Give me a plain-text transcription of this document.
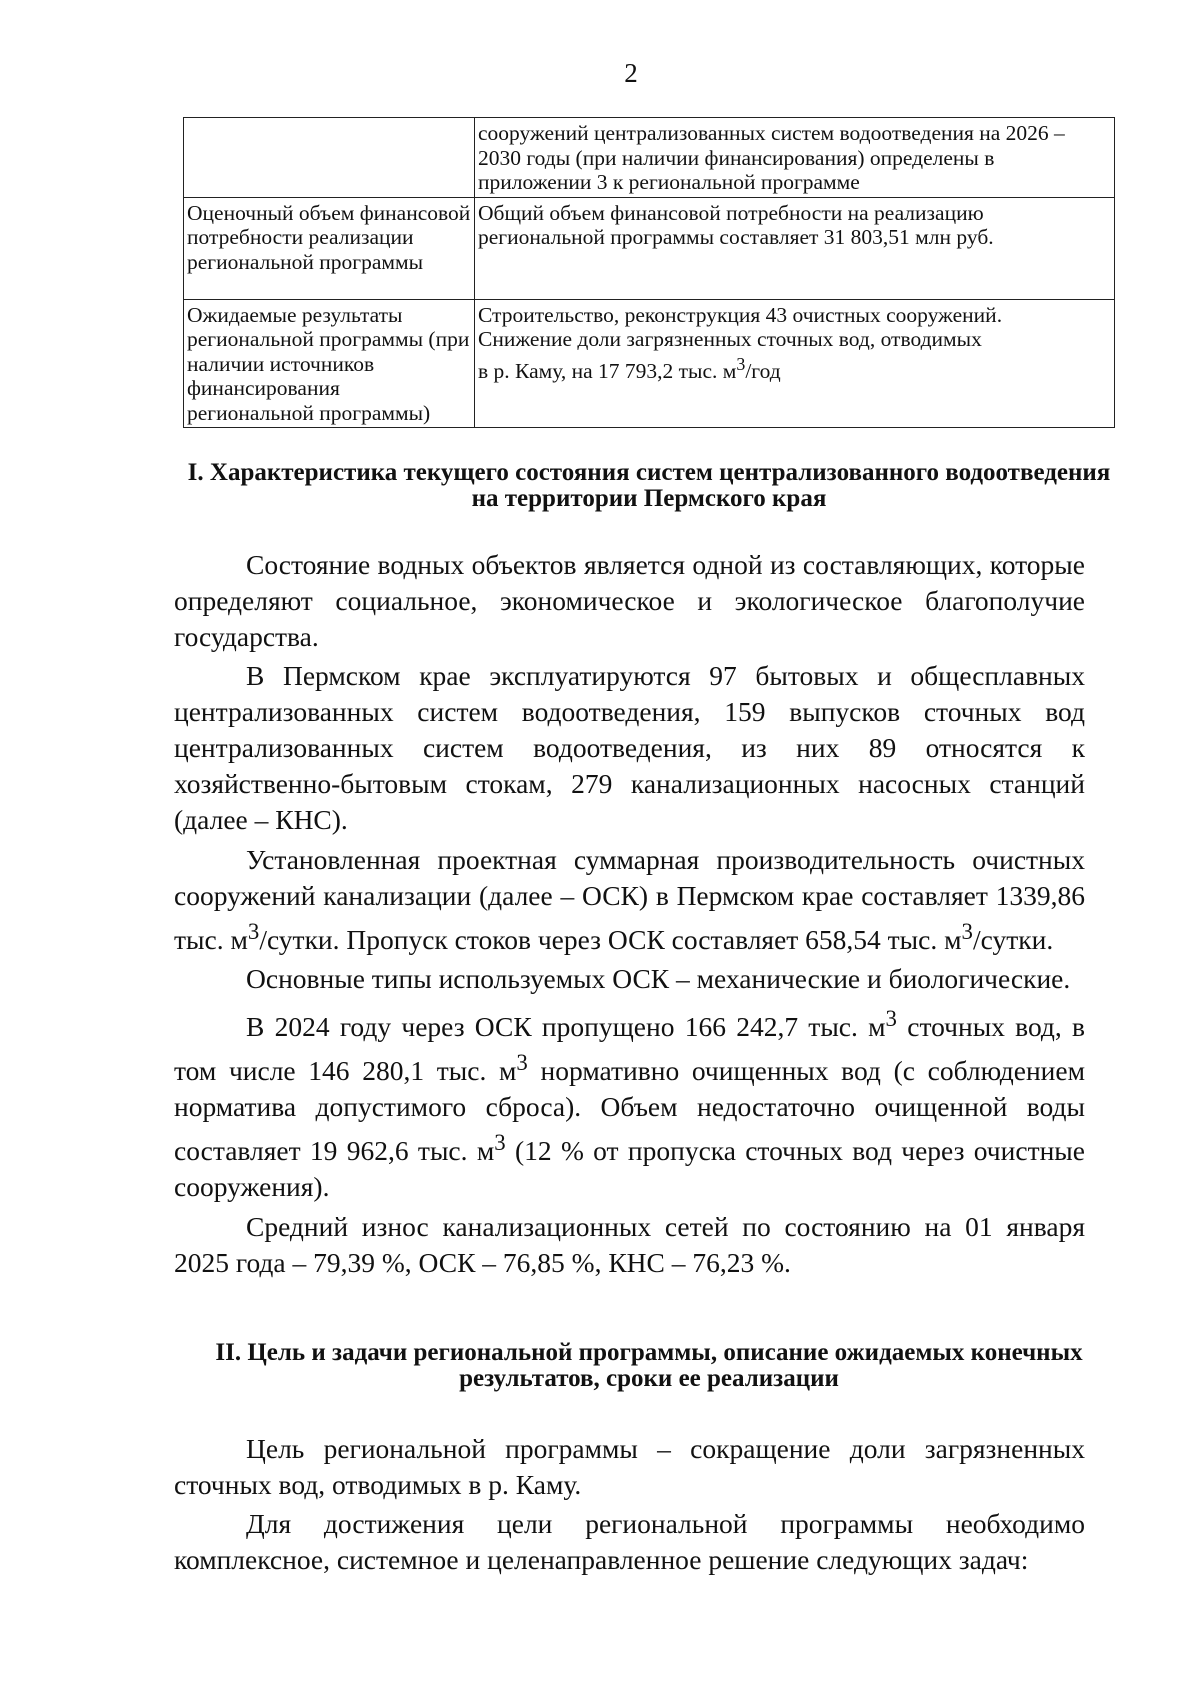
2
	сооружений централизованных систем водоотведения на 2026 – 2030 годы (при наличии финансирования) определены в приложении 3 к региональной программе
Оценочный объем финансовой потребности реализации региональной программы	Общий объем финансовой потребности на реализацию региональной программы составляет 31 803,51 млн руб.
Ожидаемые результаты региональной программы (при наличии источников финансирования региональной программы)	Строительство, реконструкция 43 очистных сооружений.
Снижение доли загрязненных сточных вод, отводимых
в р. Каму, на 17 793,2 тыс. $м^3$/год
I. Характеристика текущего состояния систем централизованного водоотведения на территории Пермского края

Состояние водных объектов является одной из составляющих, которые определяют социальное, экономическое и экологическое благополучие государства.

В Пермском крае эксплуатируются 97 бытовых и общесплавных централизованных систем водоотведения, 159 выпусков сточных вод централизованных систем водоотведения, из них 89 относятся к хозяйственно-бытовым стокам, 279 канализационных насосных станций (далее – КНС).

Установленная проектная суммарная производительность очистных сооружений канализации (далее – ОСК) в Пермском крае составляет 1339,86 тыс. $м^3$/сутки. Пропуск стоков через ОСК составляет 658,54 тыс. $м^3$/сутки.

Основные типы используемых ОСК – механические и биологические.

В 2024 году через ОСК пропущено 166 242,7 тыс. $м^3$ сточных вод, в том числе 146 280,1 тыс. $м^3$ нормативно очищенных вод (с соблюдением норматива допустимого сброса). Объем недостаточно очищенной воды составляет 19 962,6 тыс. $м^3$ (12 % от пропуска сточных вод через очистные сооружения).

Средний износ канализационных сетей по состоянию на 01 января 2025 года – 79,39 %, ОСК – 76,85 %, КНС – 76,23 %.

II. Цель и задачи региональной программы, описание ожидаемых конечных результатов, сроки ее реализации

Цель региональной программы – сокращение доли загрязненных сточных вод, отводимых в р. Каму.

Для достижения цели региональной программы необходимо комплексное, системное и целенаправленное решение следующих задач:
